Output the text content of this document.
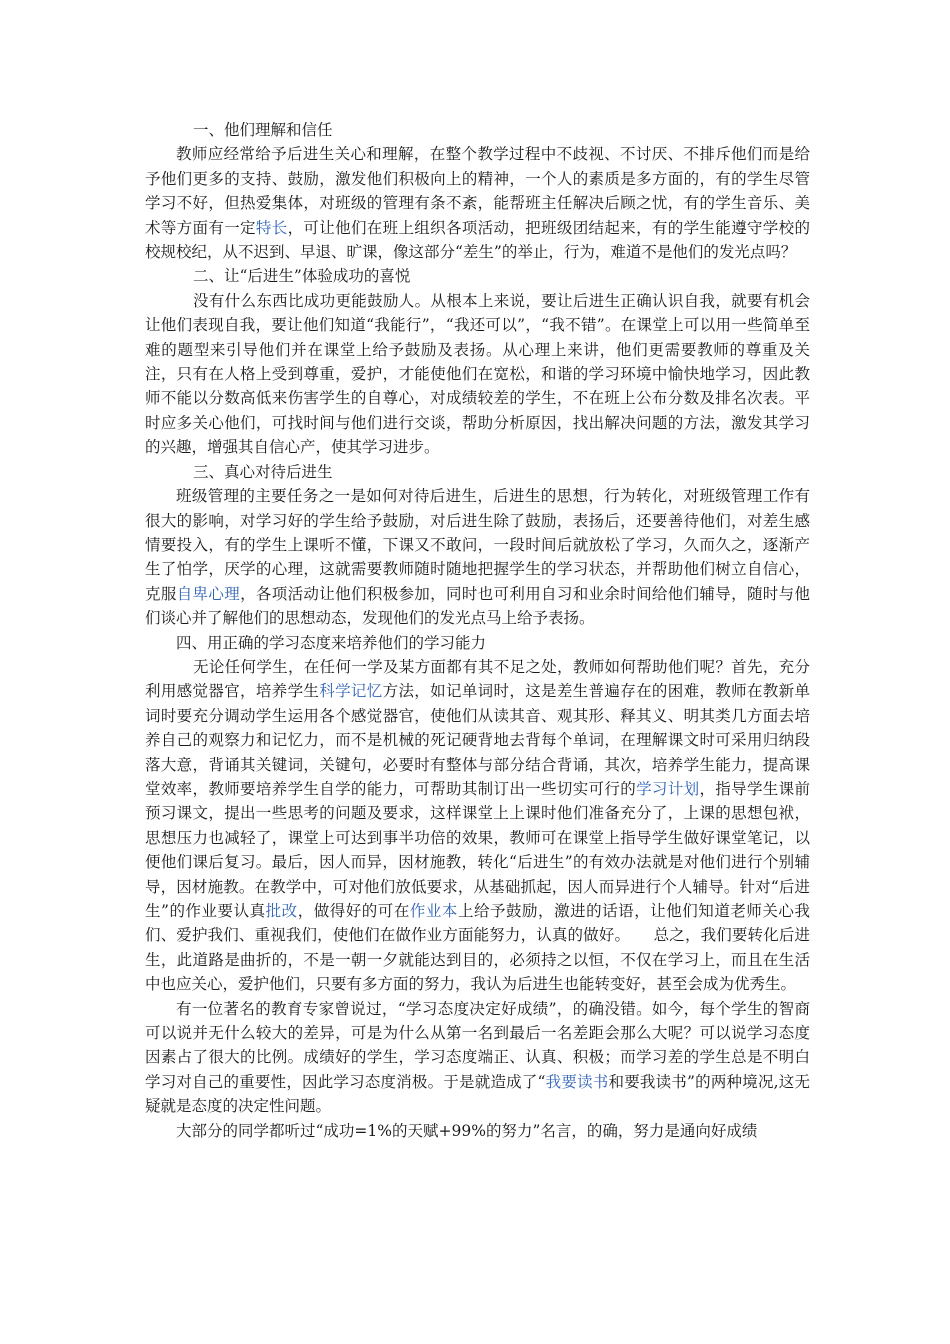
一、他们理解和信任

教师应经常给予后进生关心和理解，在整个教学过程中不歧视、不讨厌、不排斥他们而是给予他们更多的支持、鼓励，激发他们积极向上的精神，一个人的素质是多方面的，有的学生尽管学习不好，但热爱集体，对班级的管理有条不紊，能帮班主任解决后顾之忧，有的学生音乐、美术等方面有一定特长，可让他们在班上组织各项活动，把班级团结起来，有的学生能遵守学校的校规校纪，从不迟到、早退、旷课，像这部分“差生”的举止，行为，难道不是他们的发光点吗？

二、让“后进生”体验成功的喜悦

没有什么东西比成功更能鼓励人。从根本上来说，要让后进生正确认识自我，就要有机会让他们表现自我，要让他们知道“我能行”，“我还可以”，“我不错”。在课堂上可以用一些简单至难的题型来引导他们并在课堂上给予鼓励及表扬。从心理上来讲，他们更需要教师的尊重及关注，只有在人格上受到尊重，爱护，才能使他们在宽松，和谐的学习环境中愉快地学习，因此教师不能以分数高低来伤害学生的自尊心，对成绩较差的学生，不在班上公布分数及排名次表。平时应多关心他们，可找时间与他们进行交谈，帮助分析原因，找出解决问题的方法，激发其学习的兴趣，增强其自信心产，使其学习进步。

三、真心对待后进生

班级管理的主要任务之一是如何对待后进生，后进生的思想，行为转化，对班级管理工作有很大的影响，对学习好的学生给予鼓励，对后进生除了鼓励，表扬后，还要善待他们，对差生感情要投入，有的学生上课听不懂，下课又不敢问，一段时间后就放松了学习，久而久之，逐渐产生了怕学，厌学的心理，这就需要教师随时随地把握学生的学习状态，并帮助他们树立自信心，克服自卑心理，各项活动让他们积极参加，同时也可利用自习和业余时间给他们辅导，随时与他们谈心并了解他们的思想动态，发现他们的发光点马上给予表扬。

四、用正确的学习态度来培养他们的学习能力

无论任何学生，在任何一学及某方面都有其不足之处，教师如何帮助他们呢？首先，充分利用感觉器官，培养学生科学记忆方法，如记单词时，这是差生普遍存在的困难，教师在教新单词时要充分调动学生运用各个感觉器官，使他们从读其音、观其形、释其义、明其类几方面去培养自己的观察力和记忆力，而不是机械的死记硬背地去背每个单词，在理解课文时可采用归纳段落大意，背诵其关键词，关键句，必要时有整体与部分结合背诵，其次，培养学生能力，提高课堂效率，教师要培养学生自学的能力，可帮助其制订出一些切实可行的学习计划，指导学生课前预习课文，提出一些思考的问题及要求，这样课堂上上课时他们准备充分了，上课的思想包袱，思想压力也减轻了，课堂上可达到事半功倍的效果，教师可在课堂上指导学生做好课堂笔记，以便他们课后复习。最后，因人而异，因材施教，转化“后进生”的有效办法就是对他们进行个别辅导，因材施教。在教学中，可对他们放低要求，从基础抓起，因人而异进行个人辅导。针对“后进生”的作业要认真批改，做得好的可在作业本上给予鼓励，激进的话语，让他们知道老师关心我们、爱护我们、重视我们，使他们在做作业方面能努力，认真的做好。　　总之，我们要转化后进生，此道路是曲折的，不是一朝一夕就能达到目的，必须持之以恒，不仅在学习上，而且在生活中也应关心，爱护他们，只要有多方面的努力，我认为后进生也能转变好，甚至会成为优秀生。

有一位著名的教育专家曾说过，“学习态度决定好成绩”，的确没错。如今，每个学生的智商可以说并无什么较大的差异，可是为什么从第一名到最后一名差距会那么大呢？可以说学习态度因素占了很大的比例。成绩好的学生，学习态度端正、认真、积极；而学习差的学生总是不明白学习对自己的重要性，因此学习态度消极。于是就造成了“我要读书和要我读书”的两种境况,这无疑就是态度的决定性问题。

大部分的同学都听过“成功=1%的天赋+99%的努力”名言，的确，努力是通向好成绩
